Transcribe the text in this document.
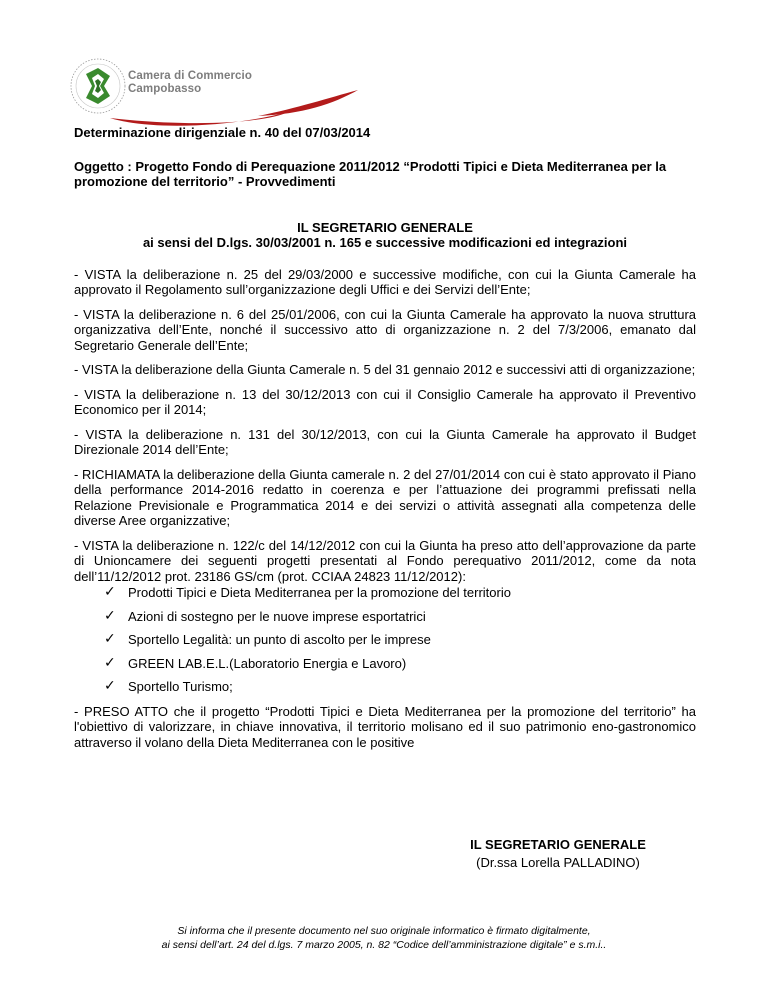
Camera di Commercio
Campobasso
Determinazione dirigenziale n. 40 del 07/03/2014
Oggetto : Progetto Fondo di Perequazione 2011/2012 “Prodotti Tipici e Dieta Mediterranea per la promozione del territorio” - Provvedimenti
IL SEGRETARIO GENERALE
ai sensi del D.lgs. 30/03/2001 n. 165 e successive modificazioni ed integrazioni
- VISTA la deliberazione n. 25 del 29/03/2000 e successive modifiche, con cui la Giunta Camerale ha approvato il Regolamento sull’organizzazione degli Uffici e dei Servizi dell’Ente;
- VISTA la deliberazione n. 6 del 25/01/2006, con cui la Giunta Camerale ha approvato la nuova struttura organizzativa dell’Ente, nonché il successivo atto di organizzazione n. 2 del 7/3/2006, emanato dal Segretario Generale dell’Ente;
- VISTA la deliberazione della Giunta Camerale n. 5 del 31 gennaio 2012 e successivi atti di organizzazione;
- VISTA la deliberazione n. 13 del 30/12/2013 con cui il Consiglio Camerale ha approvato il Preventivo Economico per il 2014;
- VISTA la deliberazione n. 131 del 30/12/2013, con cui la Giunta Camerale ha approvato il Budget Direzionale 2014 dell’Ente;
- RICHIAMATA la deliberazione della Giunta camerale n. 2 del 27/01/2014 con cui è stato approvato il Piano della performance 2014-2016 redatto in coerenza e per l’attuazione dei programmi prefissati nella Relazione Previsionale e Programmatica 2014 e dei servizi o attività assegnati alla competenza delle diverse Aree organizzative;
- VISTA la deliberazione n. 122/c del 14/12/2012 con cui la Giunta ha preso atto dell’approvazione da parte di Unioncamere dei seguenti progetti presentati al Fondo perequativo 2011/2012, come da nota dell’11/12/2012 prot. 23186 GS/cm (prot. CCIAA 24823 11/12/2012):
✓ Prodotti Tipici e Dieta Mediterranea per la promozione del territorio
✓ Azioni di sostegno per le nuove imprese esportatrici
✓ Sportello Legalità: un punto di ascolto per le imprese
✓ GREEN LAB.E.L.(Laboratorio Energia e Lavoro)
✓ Sportello Turismo;
- PRESO ATTO che il progetto “Prodotti Tipici e Dieta Mediterranea per la promozione del territorio” ha l'obiettivo di valorizzare, in chiave innovativa, il territorio molisano ed il suo patrimonio eno-gastronomico attraverso il volano della Dieta Mediterranea con le positive
IL SEGRETARIO GENERALE
(Dr.ssa Lorella PALLADINO)
Si informa che il presente documento nel suo originale informatico è firmato digitalmente,
ai sensi dell’art. 24 del d.lgs. 7 marzo 2005, n. 82 “Codice dell’amministrazione digitale” e s.m.i..
